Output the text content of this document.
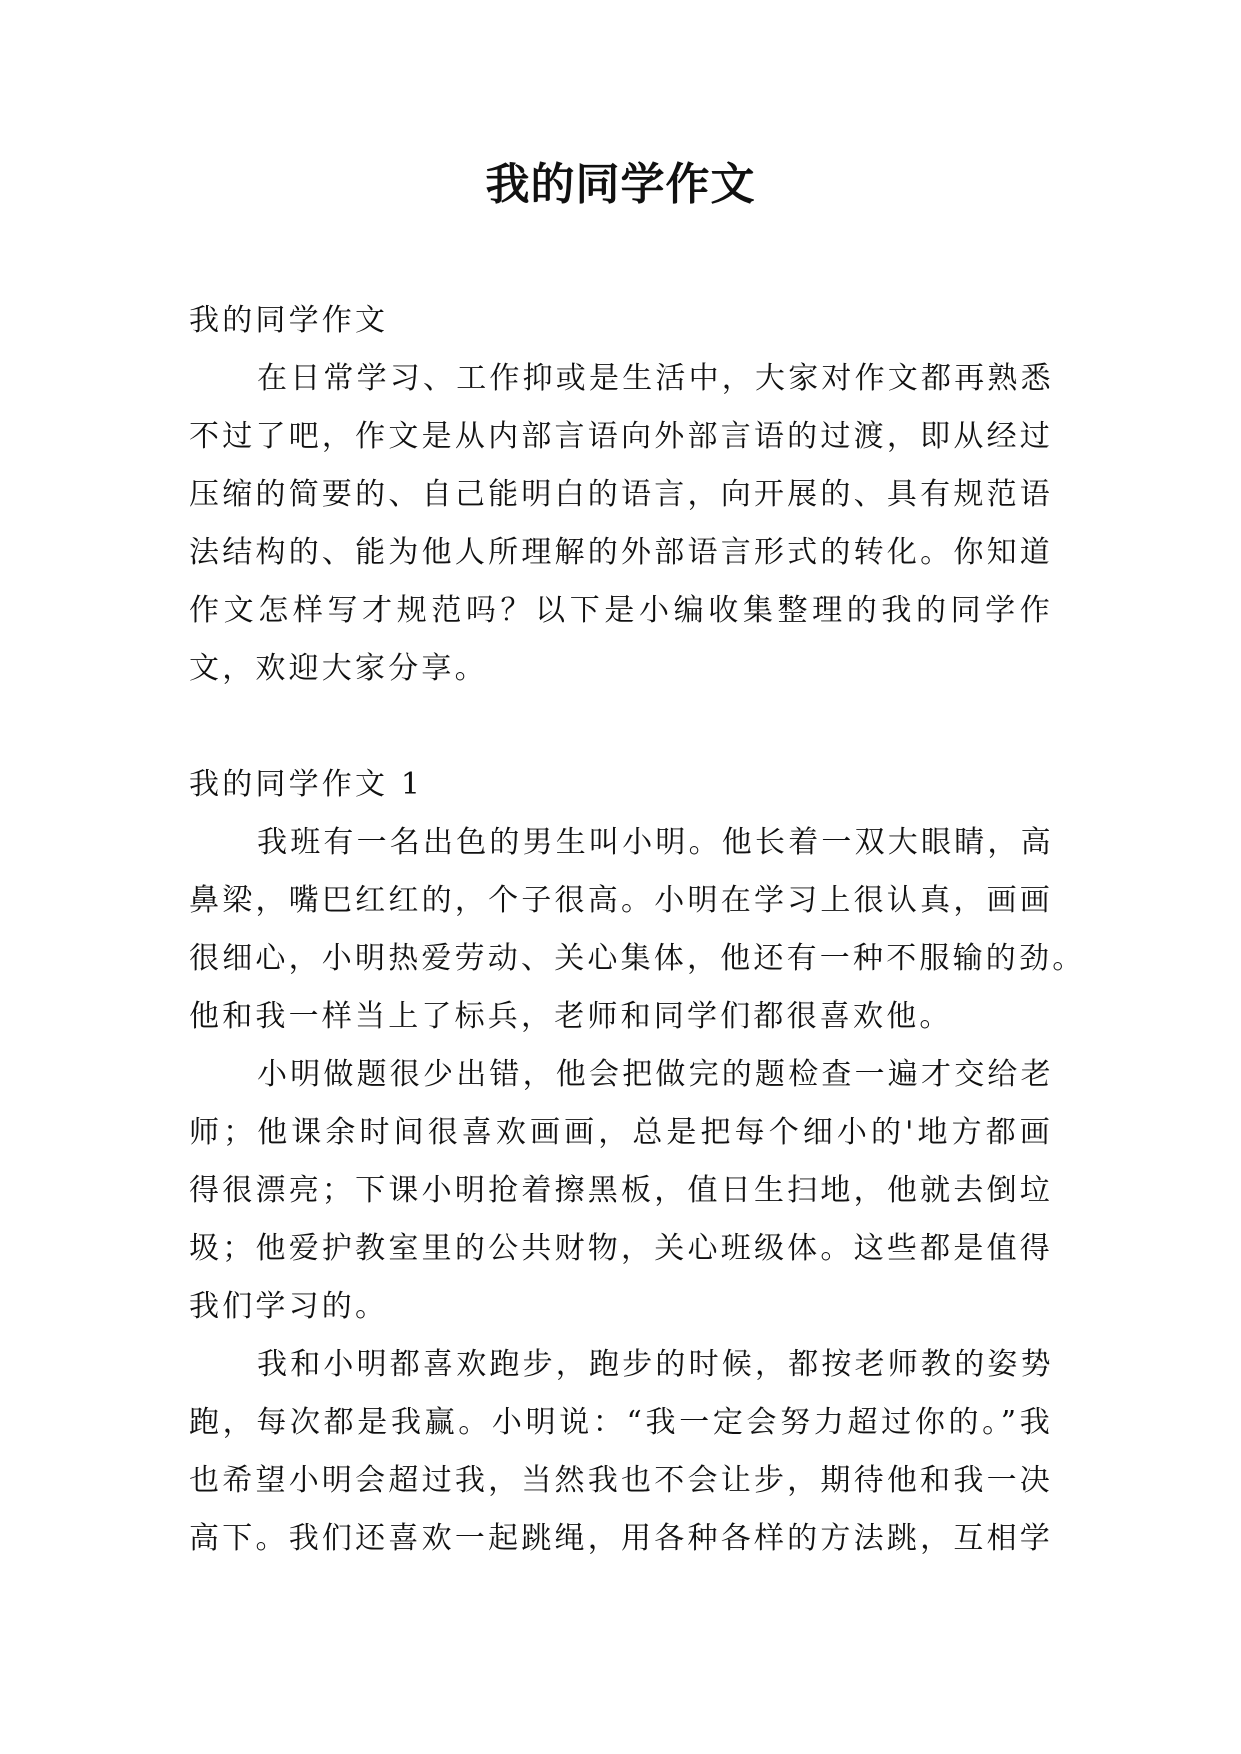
我的同学作文
我的同学作文
在日常学习、工作抑或是生活中，大家对作文都再熟悉
不过了吧，作文是从内部言语向外部言语的过渡，即从经过
压缩的简要的、自己能明白的语言，向开展的、具有规范语
法结构的、能为他人所理解的外部语言形式的转化。你知道
作文怎样写才规范吗？以下是小编收集整理的我的同学作
文，欢迎大家分享。
我的同学作文 1
我班有一名出色的男生叫小明。他长着一双大眼睛，高
鼻梁，嘴巴红红的，个子很高。小明在学习上很认真，画画
很细心，小明热爱劳动、关心集体，他还有一种不服输的劲。
他和我一样当上了标兵，老师和同学们都很喜欢他。
小明做题很少出错，他会把做完的题检查一遍才交给老
师；他课余时间很喜欢画画，总是把每个细小的'地方都画
得很漂亮；下课小明抢着擦黑板，值日生扫地，他就去倒垃
圾；他爱护教室里的公共财物，关心班级体。这些都是值得
我们学习的。
我和小明都喜欢跑步，跑步的时候，都按老师教的姿势
跑，每次都是我赢。小明说：“我一定会努力超过你的。”我
也希望小明会超过我，当然我也不会让步，期待他和我一决
高下。我们还喜欢一起跳绳，用各种各样的方法跳，互相学
